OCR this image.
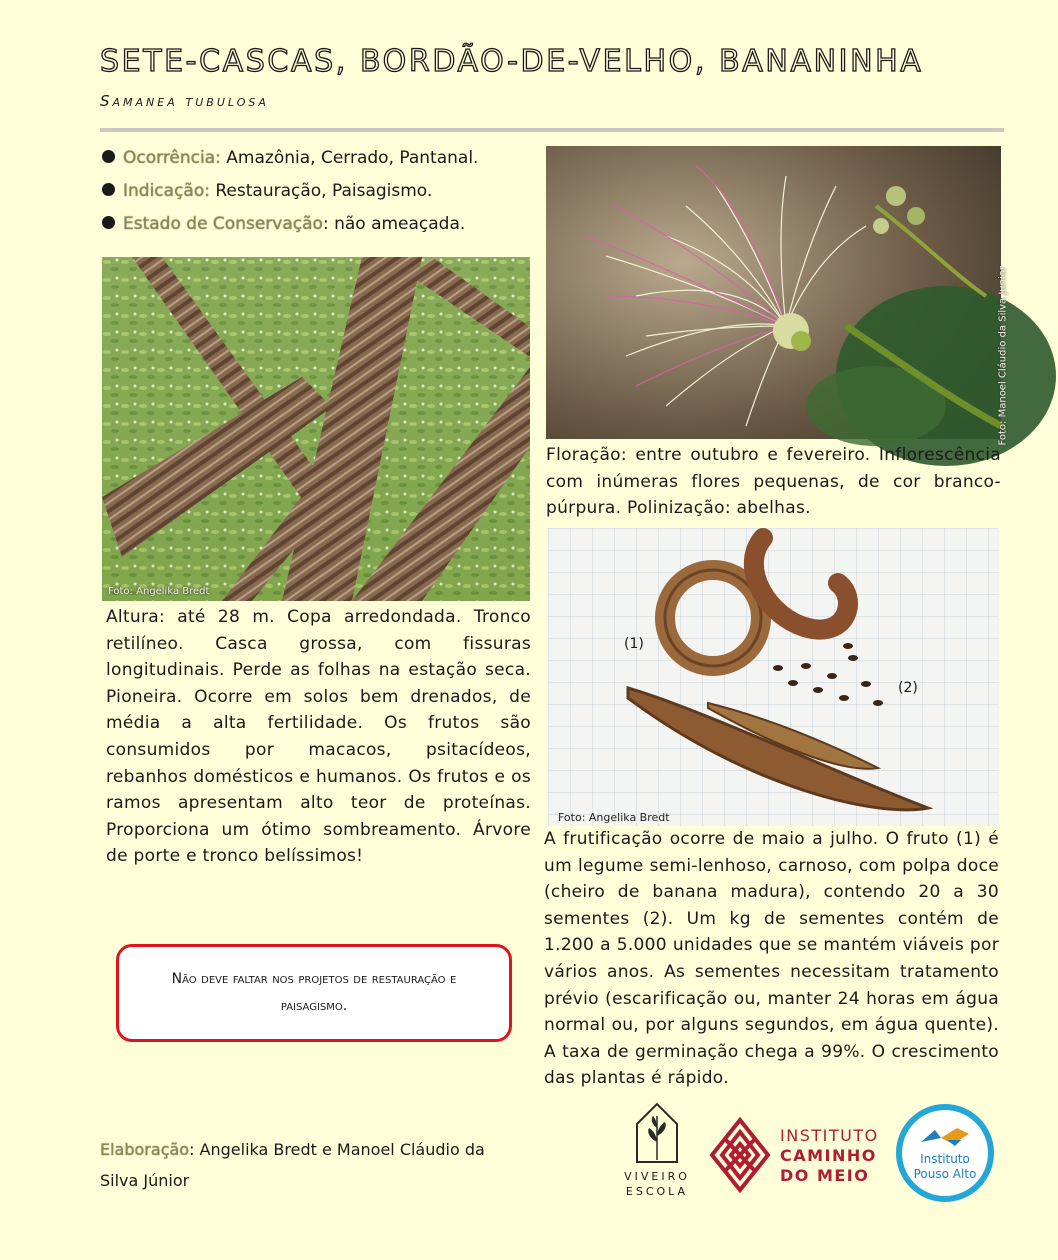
SETE-CASCAS, BORDÃO-DE-VELHO, BANANINHA
Samanea tubulosa
Ocorrência: Amazônia, Cerrado, Pantanal.
Indicação: Restauração, Paisagismo.
Estado de Conservação: não ameaçada.
Foto: Angelika Bredt
Foto: Manoel Cláudio da Silva Junior
Floração: entre outubro e fevereiro. Inflorescência com inúmeras flores pequenas, de cor branco-púrpura. Polinização: abelhas.
(1)
(2)
Foto: Angelika Bredt
Altura: até 28 m. Copa arredondada. Tronco retilíneo. Casca grossa, com fissuras longitudinais. Perde as folhas na estação seca. Pioneira. Ocorre em solos bem drenados, de média a alta fertilidade. Os frutos são consumidos por macacos, psitacídeos, rebanhos domésticos e humanos. Os frutos e os ramos apresentam alto teor de proteínas. Proporciona um ótimo sombreamento. Árvore de porte e tronco belíssimos!
A frutificação ocorre de maio a julho. O fruto (1) é um legume semi-lenhoso, carnoso, com polpa doce (cheiro de banana madura), contendo 20 a 30 sementes (2). Um kg de sementes contém de 1.200 a 5.000 unidades que se mantém viáveis por vários anos. As sementes necessitam tratamento prévio (escarificação ou, manter 24 horas em água normal ou, por alguns segundos, em água quente). A taxa de germinação chega a 99%. O crescimento das plantas é rápido.
Não deve faltar nos projetos de restauração e paisagismo.
Elaboração: Angelika Bredt e Manoel Cláudio da Silva Júnior	VIVEIRO
ESCOLA
INSTITUTO
CAMINHO
DO MEIO
Instituto
Pouso Alto
